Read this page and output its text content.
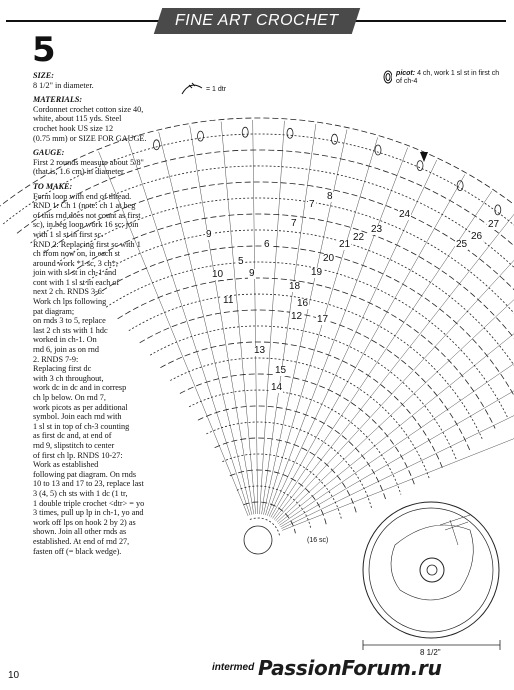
FINE ART CROCHET
5

SIZE:

8 1/2" in diameter.

MATERIALS:

Cordonnet crochet cotton size 40,

white, about 115 yds. Steel

crochet hook US size 12

(0.75 mm) or SIZE FOR GAUGE.

GAUGE:

First 2 rounds measure about 5/8"

(that is, 1.6 cm) in diameter.

TO MAKE:

Form loop with end of thread.

RND 1: Ch 1 (note: ch 1 at beg

of this rnd does not count as first

sc), in beg loop work 16 sc; join

with 1 sl st in first sc.

RND 2: Replacing first sc with 1

ch from now on, in each st

around work *1 sc, 3 ch*;

join with sl st in ch-1 and

cont with 1 sl st in each of

next 2 ch. RNDS 3-6:

Work ch lps following

pat diagram;

on rnds 3 to 5, replace

last 2 ch sts with 1 hdc

worked in ch-1. On

rnd 6, join as on rnd

2. RNDS 7-9:

Replacing first dc

with 3 ch throughout,

work dc in dc and in corresp

ch lp below. On rnd 7,

work picots as per additional

symbol. Join each rnd with

1 sl st in top of ch-3 counting

as first dc and, at end of

rnd 9, slipstitch to center

of first ch lp. RNDS 10-27:

Work as established

following pat diagram. On rnds

10 to 13 and 17 to 23, replace last

3 (4, 5) ch sts with 1 dc (1 tr,

1 double triple crochet <dtr> = yo

3 times, pull up lp in ch-1, yo and

work off lps on hook 2 by 2) as

shown. Join all other rnds as

established. At end of rnd 27,

fasten off (= black wedge).

= 1 dtr
picot: 4 ch, work 1 sl st in first ch of ch-4
5
6
7
7
8
9
9
10
11
12
13
14
15
16
17
18
19
20
21
22
23
24
25
26
27
(16 sc)
8 1/2"
10
intermed PassionForum.ru
